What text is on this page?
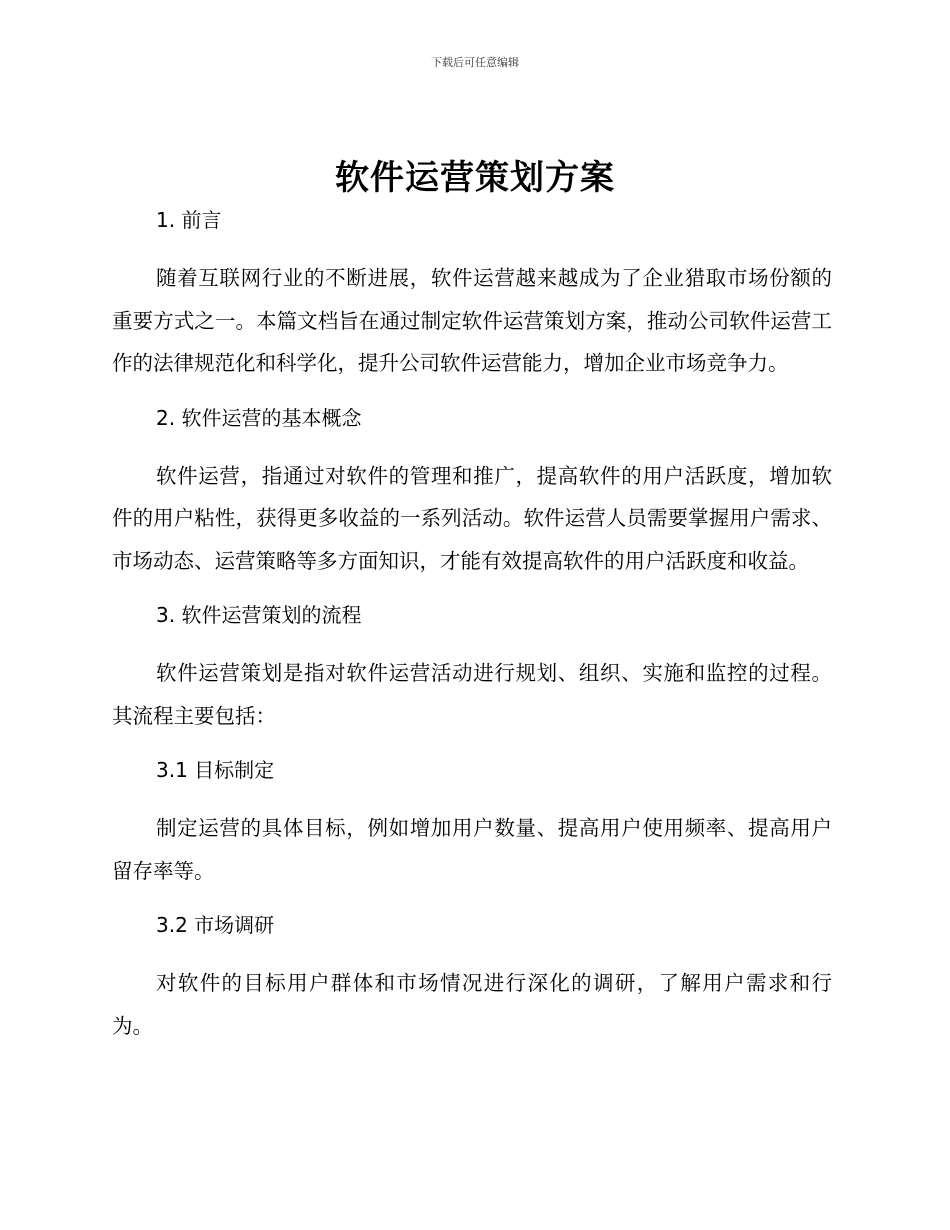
下载后可任意编辑
软件运营策划方案
1. 前言

随着互联网行业的不断进展，软件运营越来越成为了企业猎取市场份额的重要方式之一。本篇文档旨在通过制定软件运营策划方案，推动公司软件运营工作的法律规范化和科学化，提升公司软件运营能力，增加企业市场竞争力。

2. 软件运营的基本概念

软件运营，指通过对软件的管理和推广，提高软件的用户活跃度，增加软件的用户粘性，获得更多收益的一系列活动。软件运营人员需要掌握用户需求、市场动态、运营策略等多方面知识，才能有效提高软件的用户活跃度和收益。

3. 软件运营策划的流程

软件运营策划是指对软件运营活动进行规划、组织、实施和监控的过程。其流程主要包括：

3.1 目标制定

制定运营的具体目标，例如增加用户数量、提高用户使用频率、提高用户留存率等。

3.2 市场调研

对软件的目标用户群体和市场情况进行深化的调研，了解用户需求和行为。
